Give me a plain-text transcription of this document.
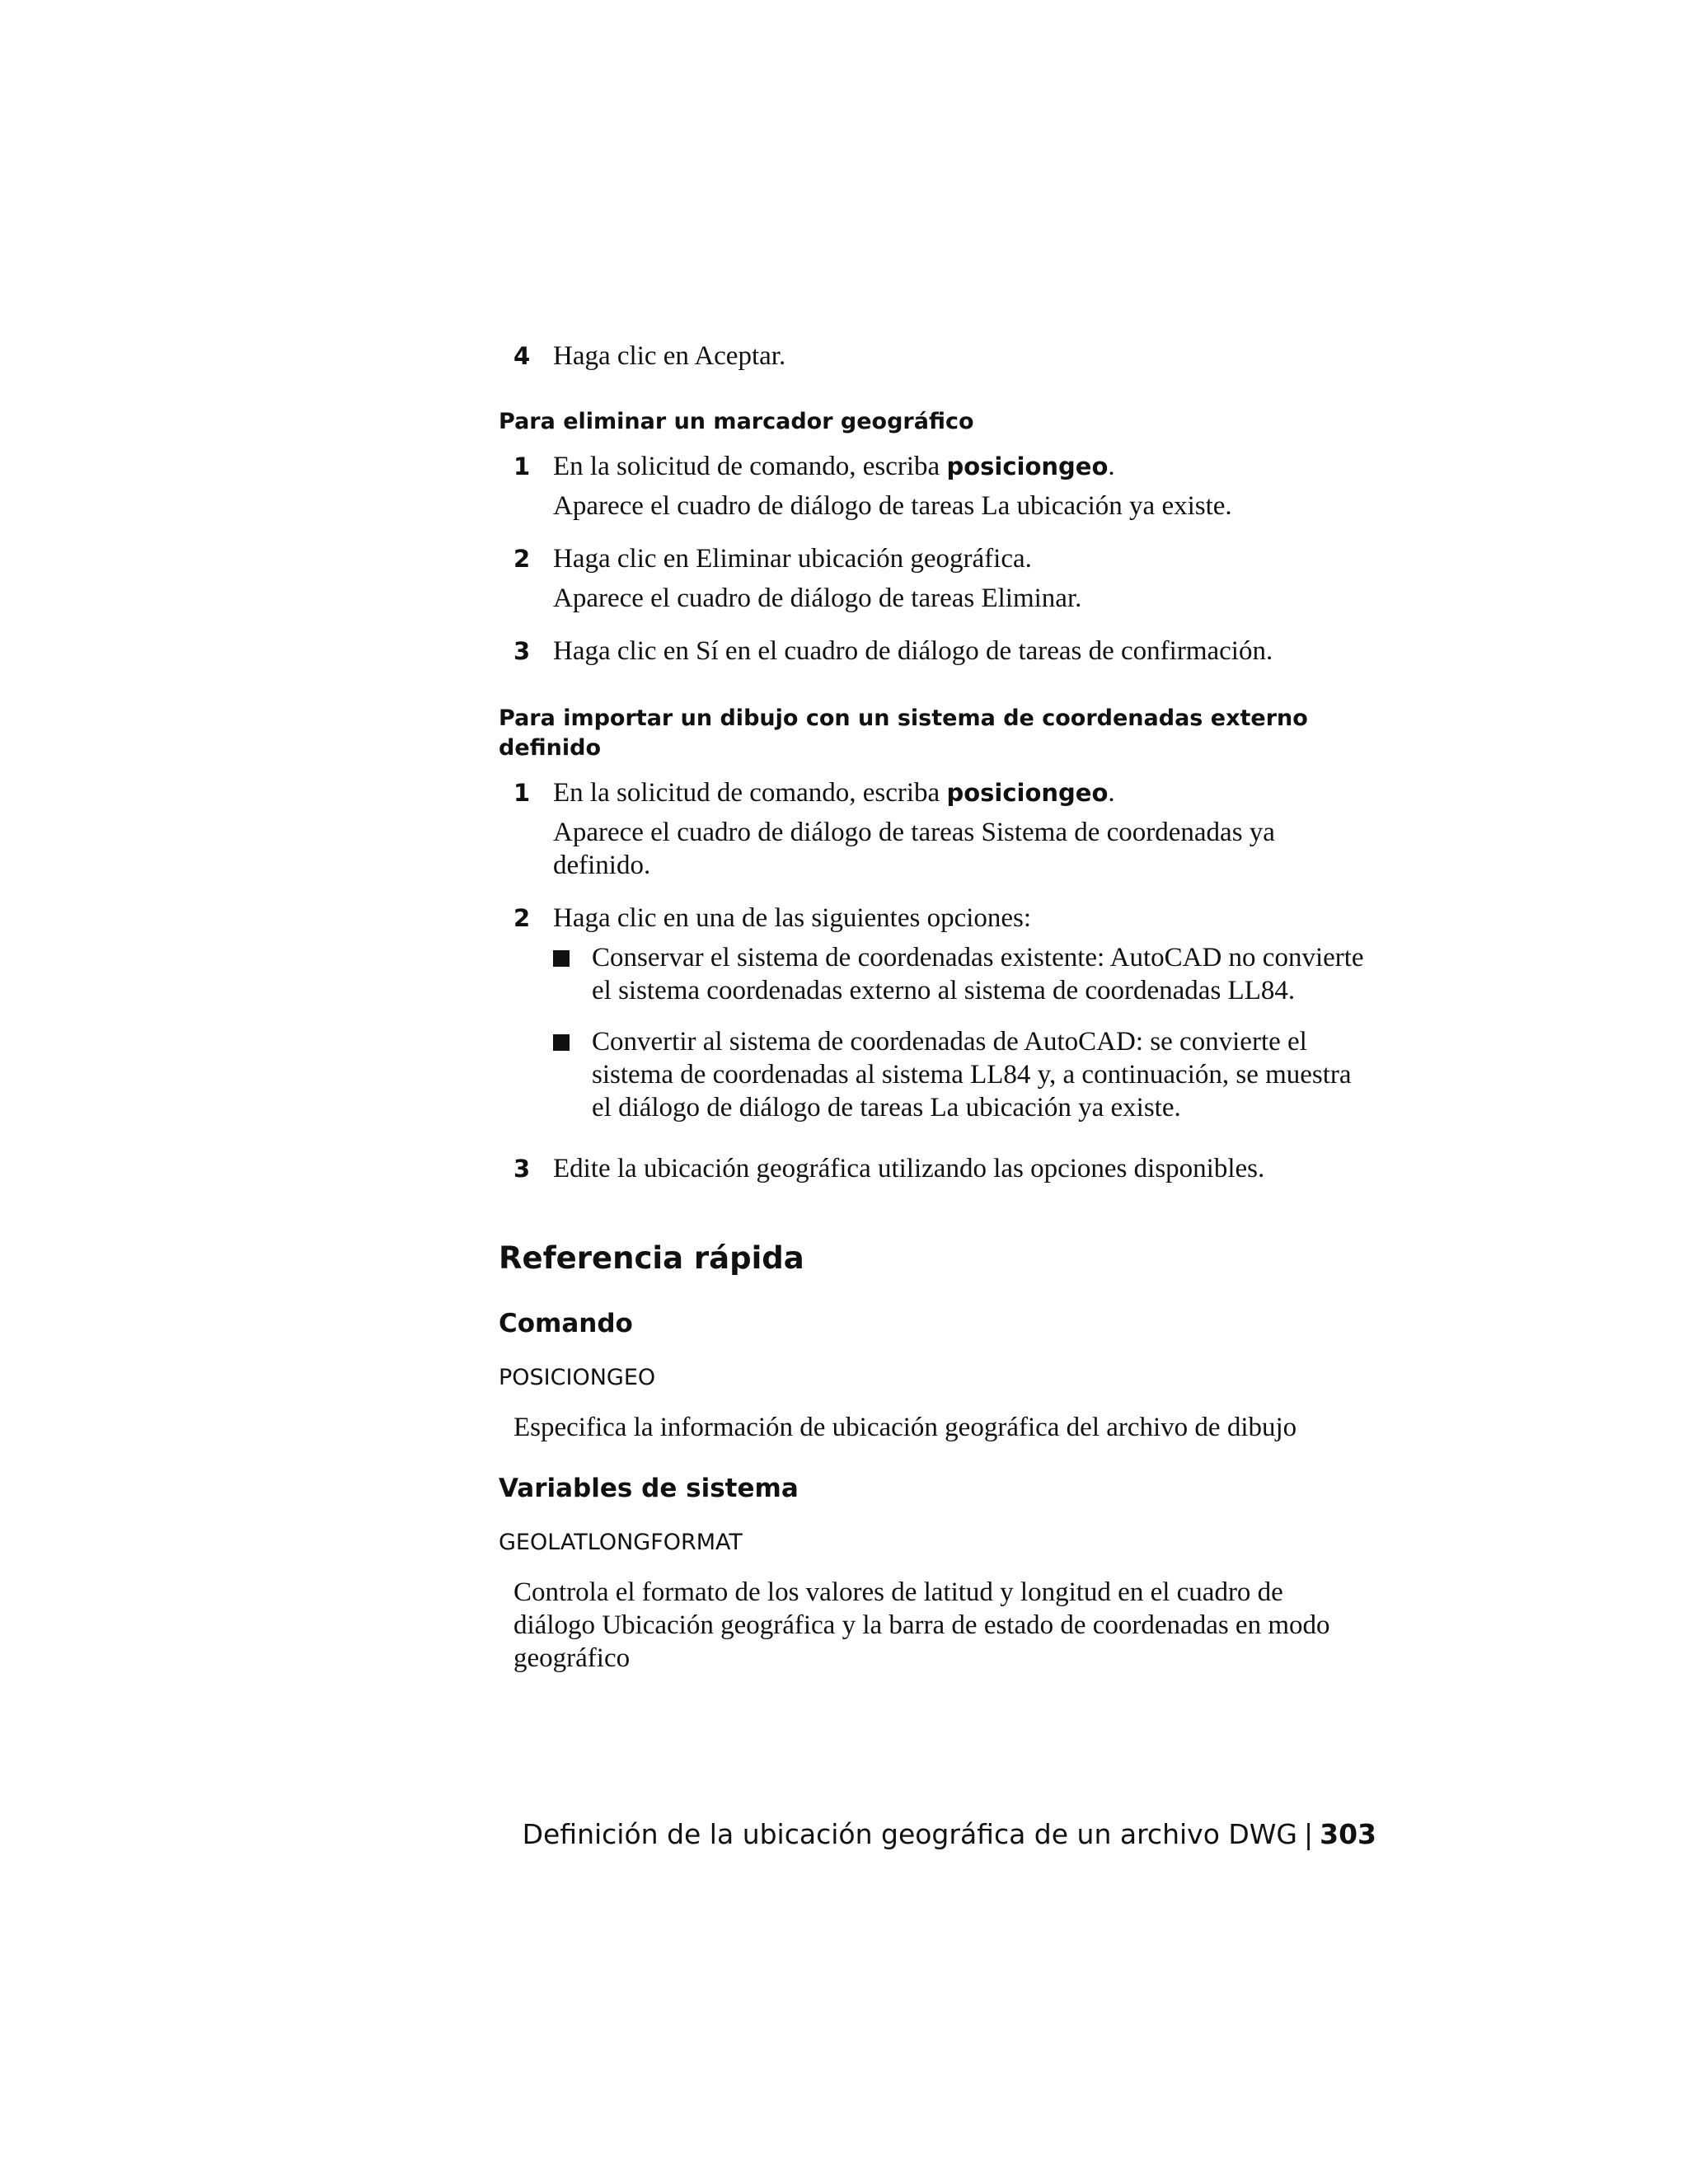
4 Haga clic en Aceptar.

Para eliminar un marcador geográfico

1 En la solicitud de comando, escriba posiciongeo.
Aparece el cuadro de diálogo de tareas La ubicación ya existe.
2 Haga clic en Eliminar ubicación geográfica.
Aparece el cuadro de diálogo de tareas Eliminar.
3 Haga clic en Sí en el cuadro de diálogo de tareas de confirmación.

Para importar un dibujo con un sistema de coordenadas externo definido

1 En la solicitud de comando, escriba posiciongeo.
Aparece el cuadro de diálogo de tareas Sistema de coordenadas ya definido.
2 Haga clic en una de las siguientes opciones:
Conservar el sistema de coordenadas existente: AutoCAD no convierte
el sistema coordenadas externo al sistema de coordenadas LL84.
Convertir al sistema de coordenadas de AutoCAD: se convierte el
sistema de coordenadas al sistema LL84 y, a continuación, se muestra
el diálogo de diálogo de tareas La ubicación ya existe.
3 Edite la ubicación geográfica utilizando las opciones disponibles.
Referencia rápida
Comando

POSICIONGEO

Especifica la información de ubicación geográfica del archivo de dibujo

Variables de sistema

GEOLATLONGFORMAT

Controla el formato de los valores de latitud y longitud en el cuadro de
diálogo Ubicación geográfica y la barra de estado de coordenadas en modo
geográfico
Definición de la ubicación geográfica de un archivo DWG | 303
